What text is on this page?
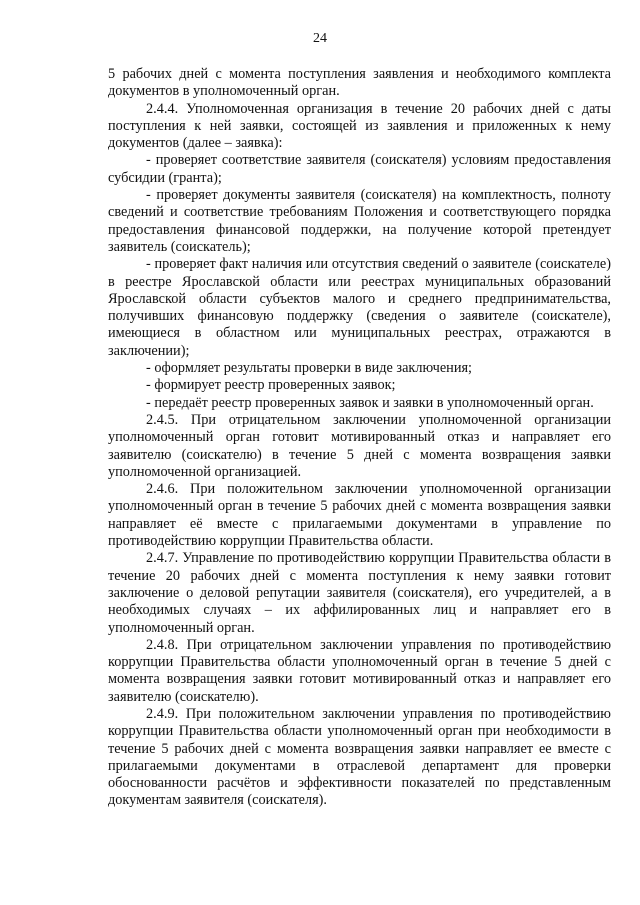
24

5 рабочих дней с момента поступления заявления и необходимого комплекта документов в уполномоченный орган.

2.4.4. Уполномоченная организация в течение 20 рабочих дней с даты поступления к ней заявки, состоящей из заявления и приложенных к нему документов (далее – заявка):

- проверяет соответствие заявителя (соискателя) условиям предоставления субсидии (гранта);

- проверяет документы заявителя (соискателя) на комплектность, полноту сведений и соответствие требованиям Положения и соответствующего порядка предоставления финансовой поддержки, на получение которой претендует заявитель (соискатель);

- проверяет факт наличия или отсутствия сведений о заявителе (соискателе) в реестре Ярославской области или реестрах муниципальных образований Ярославской области субъектов малого и среднего предпринимательства, получивших финансовую поддержку (сведения о заявителе (соискателе), имеющиеся в областном или муниципальных реестрах, отражаются в заключении);

- оформляет результаты проверки в виде заключения;

- формирует реестр проверенных заявок;

- передаёт реестр проверенных заявок и заявки в уполномоченный орган.

2.4.5. При отрицательном заключении уполномоченной организации уполномоченный орган готовит мотивированный отказ и направляет его заявителю (соискателю) в течение 5 дней с момента возвращения заявки уполномоченной организацией.

2.4.6. При положительном заключении уполномоченной организации уполномоченный орган в течение 5 рабочих дней с момента возвращения заявки направляет её вместе с прилагаемыми документами в управление по противодействию коррупции Правительства области.

2.4.7. Управление по противодействию коррупции Правительства области в течение 20 рабочих дней с момента поступления к нему заявки готовит заключение о деловой репутации заявителя (соискателя), его учредителей, а в необходимых случаях – их аффилированных лиц и направляет его в уполномоченный орган.

2.4.8. При отрицательном заключении управления по противодействию коррупции Правительства области уполномоченный орган в течение 5 дней с момента возвращения заявки готовит мотивированный отказ и направляет его заявителю (соискателю).

2.4.9. При положительном заключении управления по противодействию коррупции Правительства области уполномоченный орган при необходимости в течение 5 рабочих дней с момента возвращения заявки направляет ее вместе с прилагаемыми документами в отраслевой департамент для проверки обоснованности расчётов и эффективности показателей по представленным документам заявителя (соискателя).
